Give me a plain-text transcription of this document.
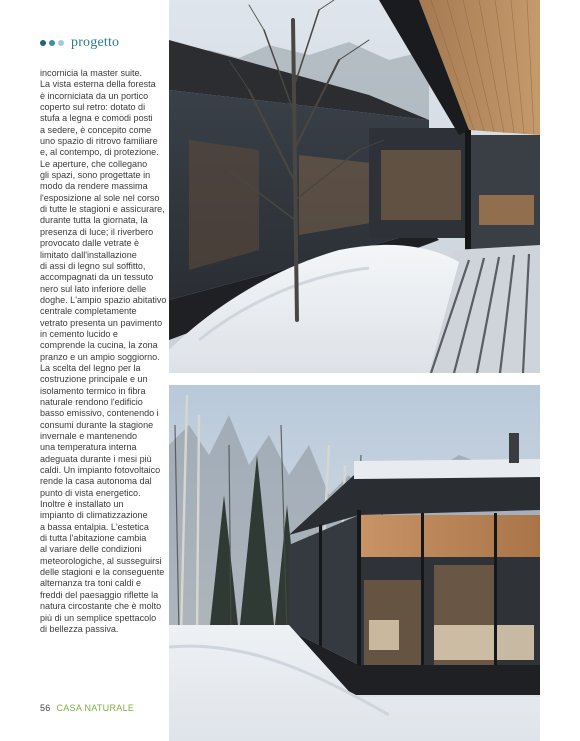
progetto
incornicia la master suite.
La vista esterna della foresta
è incorniciata da un portico
coperto sul retro: dotato di
stufa a legna e comodi posti
a sedere, è concepito come
uno spazio di ritrovo familiare
e, al contempo, di protezione.
Le aperture, che collegano
gli spazi, sono progettate in
modo da rendere massima
l'esposizione al sole nel corso
di tutte le stagioni e assicurare,
durante tutta la giornata, la
presenza di luce; il riverbero
provocato dalle vetrate è
limitato dall'installazione
di assi di legno sul soffitto,
accompagnati da un tessuto
nero sul lato inferiore delle
doghe. L'ampio spazio abitativo
centrale completamente
vetrato presenta un pavimento
in cemento lucido e
comprende la cucina, la zona
pranzo e un ampio soggiorno.
La scelta del legno per la
costruzione principale e un
isolamento termico in fibra
naturale rendono l'edificio
basso emissivo, contenendo i
consumi durante la stagione
invernale e mantenendo
una temperatura interna
adeguata durante i mesi più
caldi. Un impianto fotovoltaico
rende la casa autonoma dal
punto di vista energetico.
Inoltre è installato un
impianto di climatizzazione
a bassa entalpia. L'estetica
di tutta l'abitazione cambia
al variare delle condizioni
meteorologiche, al susseguirsi
delle stagioni e la conseguente
alternanza tra toni caldi e
freddi del paesaggio riflette la
natura circostante che è molto
più di un semplice spettacolo
di bellezza passiva.
56 CASA NATURALE
